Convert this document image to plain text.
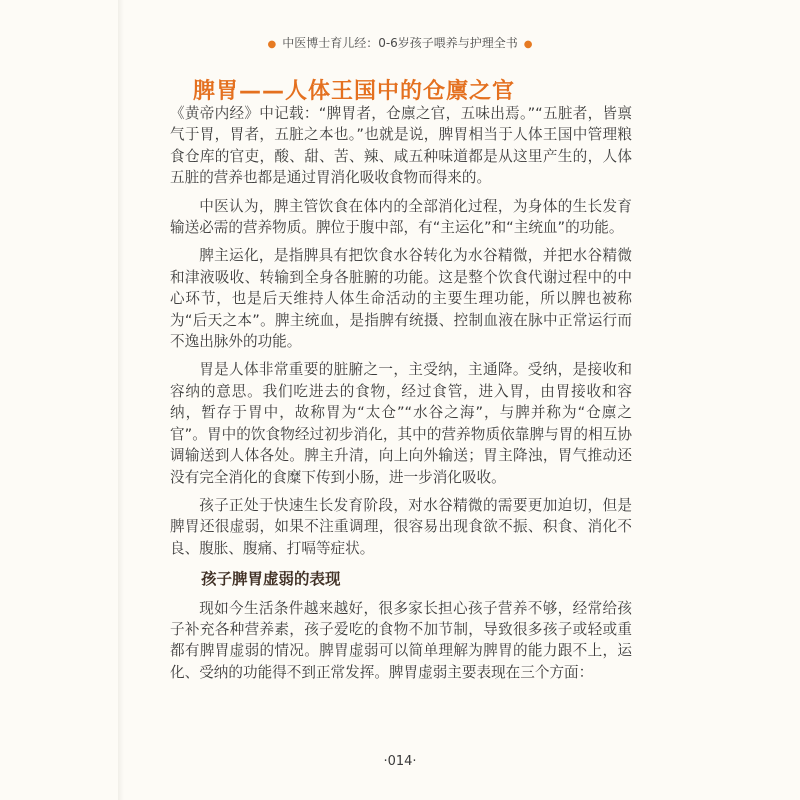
● 中医博士育儿经：0-6岁孩子喂养与护理全书 ●
脾胃——人体王国中的仓廪之官

《黄帝内经》中记载：“脾胃者，仓廪之官，五味出焉。”“五脏者，皆禀气于胃，胃者，五脏之本也。”也就是说，脾胃相当于人体王国中管理粮食仓库的官吏，酸、甜、苦、辣、咸五种味道都是从这里产生的，人体五脏的营养也都是通过胃消化吸收食物而得来的。

中医认为，脾主管饮食在体内的全部消化过程，为身体的生长发育输送必需的营养物质。脾位于腹中部，有“主运化”和“主统血”的功能。

脾主运化，是指脾具有把饮食水谷转化为水谷精微，并把水谷精微和津液吸收、转输到全身各脏腑的功能。这是整个饮食代谢过程中的中心环节，也是后天维持人体生命活动的主要生理功能，所以脾也被称为“后天之本”。脾主统血，是指脾有统摄、控制血液在脉中正常运行而不逸出脉外的功能。

胃是人体非常重要的脏腑之一，主受纳，主通降。受纳，是接收和容纳的意思。我们吃进去的食物，经过食管，进入胃，由胃接收和容纳，暂存于胃中，故称胃为“太仓”“水谷之海”，与脾并称为“仓廪之官”。胃中的饮食物经过初步消化，其中的营养物质依靠脾与胃的相互协调输送到人体各处。脾主升清，向上向外输送；胃主降浊，胃气推动还没有完全消化的食糜下传到小肠，进一步消化吸收。

孩子正处于快速生长发育阶段，对水谷精微的需要更加迫切，但是脾胃还很虚弱，如果不注重调理，很容易出现食欲不振、积食、消化不良、腹胀、腹痛、打嗝等症状。

孩子脾胃虚弱的表现

现如今生活条件越来越好，很多家长担心孩子营养不够，经常给孩子补充各种营养素，孩子爱吃的食物不加节制，导致很多孩子或轻或重都有脾胃虚弱的情况。脾胃虚弱可以简单理解为脾胃的能力跟不上，运化、受纳的功能得不到正常发挥。脾胃虚弱主要表现在三个方面：

·014·
